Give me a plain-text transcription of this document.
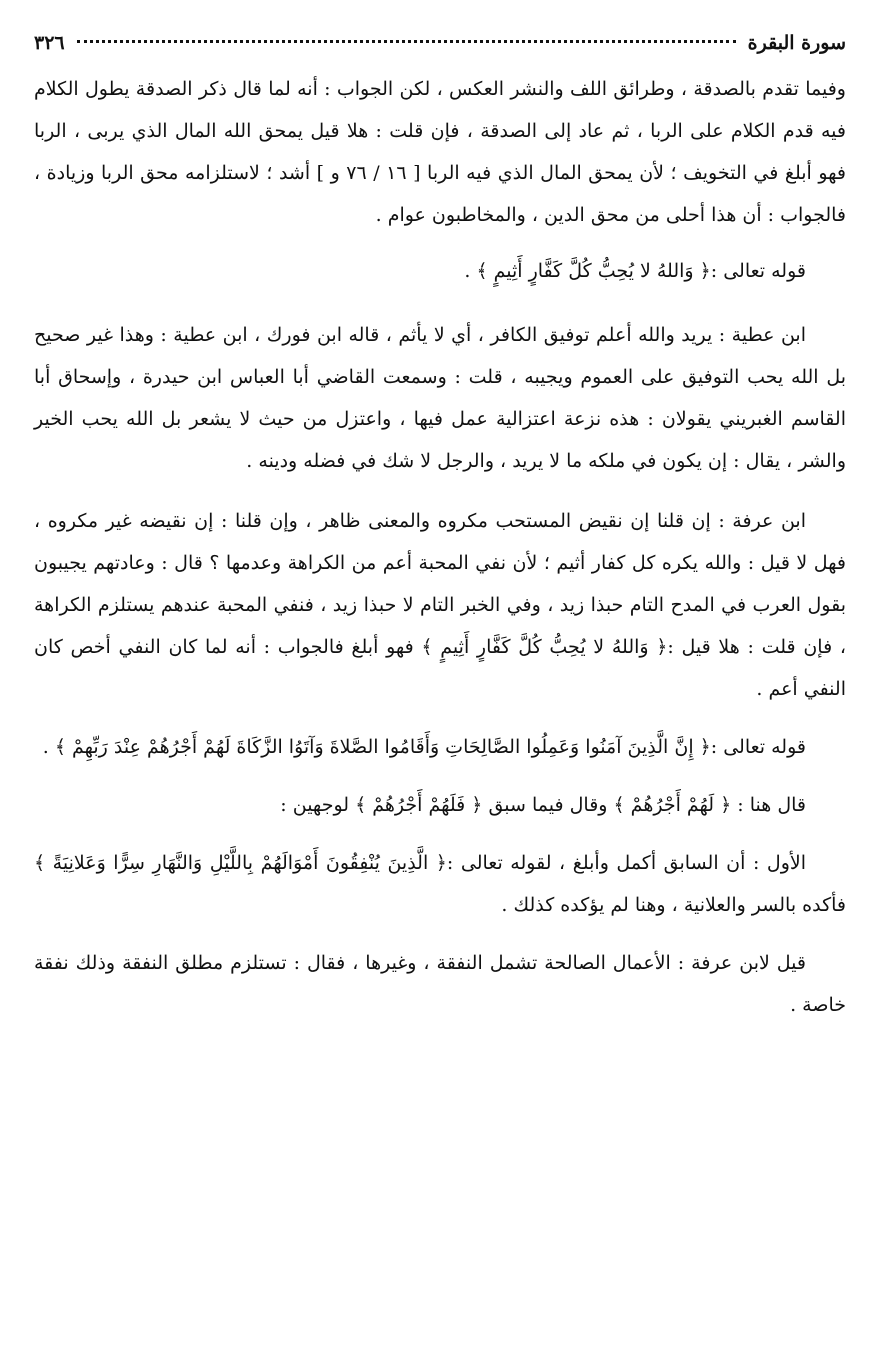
سورة البقرة
٣٢٦

وفيما تقدم بالصدقة ، وطرائق اللف والنشر العكس ، لكن الجواب : أنه لما قال ذكر الصدقة يطول الكلام فيه قدم الكلام على الربا ، ثم عاد إلى الصدقة ، فإن قلت : هلا قيل يمحق الله المال الذي يربى ، الربا فهو أبلغ في التخويف ؛ لأن يمحق المال الذي فيه الربا [ ١٦ / ٧٦ و ] أشد ؛ لاستلزامه محق الربا وزيادة ، فالجواب : أن هذا أحلى من محق الدين ، والمخاطبون عوام .

قوله تعالى :﴿ وَاللهُ لا يُحِبُّ كُلَّ كَفَّارٍ أَثِيمٍ ﴾ .

ابن عطية : يريد والله أعلم توفيق الكافر ، أي لا يأثم ، قاله ابن فورك ، ابن عطية : وهذا غير صحيح بل الله يحب التوفيق على العموم ويجيبه ، قلت : وسمعت القاضي أبا العباس ابن حيدرة ، وإسحاق أبا القاسم الغبريني يقولان : هذه نزعة اعتزالية عمل فيها ، واعتزل من حيث لا يشعر بل الله يحب الخير والشر ، يقال : إن يكون في ملكه ما لا يريد ، والرجل لا شك في فضله ودينه .

ابن عرفة : إن قلنا إن نقيض المستحب مكروه والمعنى ظاهر ، وإن قلنا : إن نقيضه غير مكروه ، فهل لا قيل : والله يكره كل كفار أثيم ؛ لأن نفي المحبة أعم من الكراهة وعدمها ؟ قال : وعادتهم يجيبون بقول العرب في المدح التام حبذا زيد ، وفي الخبر التام لا حبذا زيد ، فنفي المحبة عندهم يستلزم الكراهة ، فإن قلت : هلا قيل :﴿ وَاللهُ لا يُحِبُّ كُلَّ كَفَّارٍ أَثِيمٍ ﴾ فهو أبلغ فالجواب : أنه لما كان النفي أخص كان النفي أعم .

قوله تعالى :﴿ إِنَّ الَّذِينَ آمَنُوا وَعَمِلُوا الصَّالِحَاتِ وَأَقَامُوا الصَّلاةَ وَآتَوُا الزَّكَاةَ لَهُمْ أَجْرُهُمْ عِنْدَ رَبِّهِمْ ﴾ .

قال هنا : ﴿ لَهُمْ أَجْرُهُمْ ﴾ وقال فيما سبق ﴿ فَلَهُمْ أَجْرُهُمْ ﴾ لوجهين :

الأول : أن السابق أكمل وأبلغ ، لقوله تعالى :﴿ الَّذِينَ يُنْفِقُونَ أَمْوَالَهُمْ بِاللَّيْلِ وَالنَّهَارِ سِرًّا وَعَلانِيَةً ﴾ فأكده بالسر والعلانية ، وهنا لم يؤكده كذلك .

قيل لابن عرفة : الأعمال الصالحة تشمل النفقة ، وغيرها ، فقال : تستلزم مطلق النفقة وذلك نفقة خاصة .
